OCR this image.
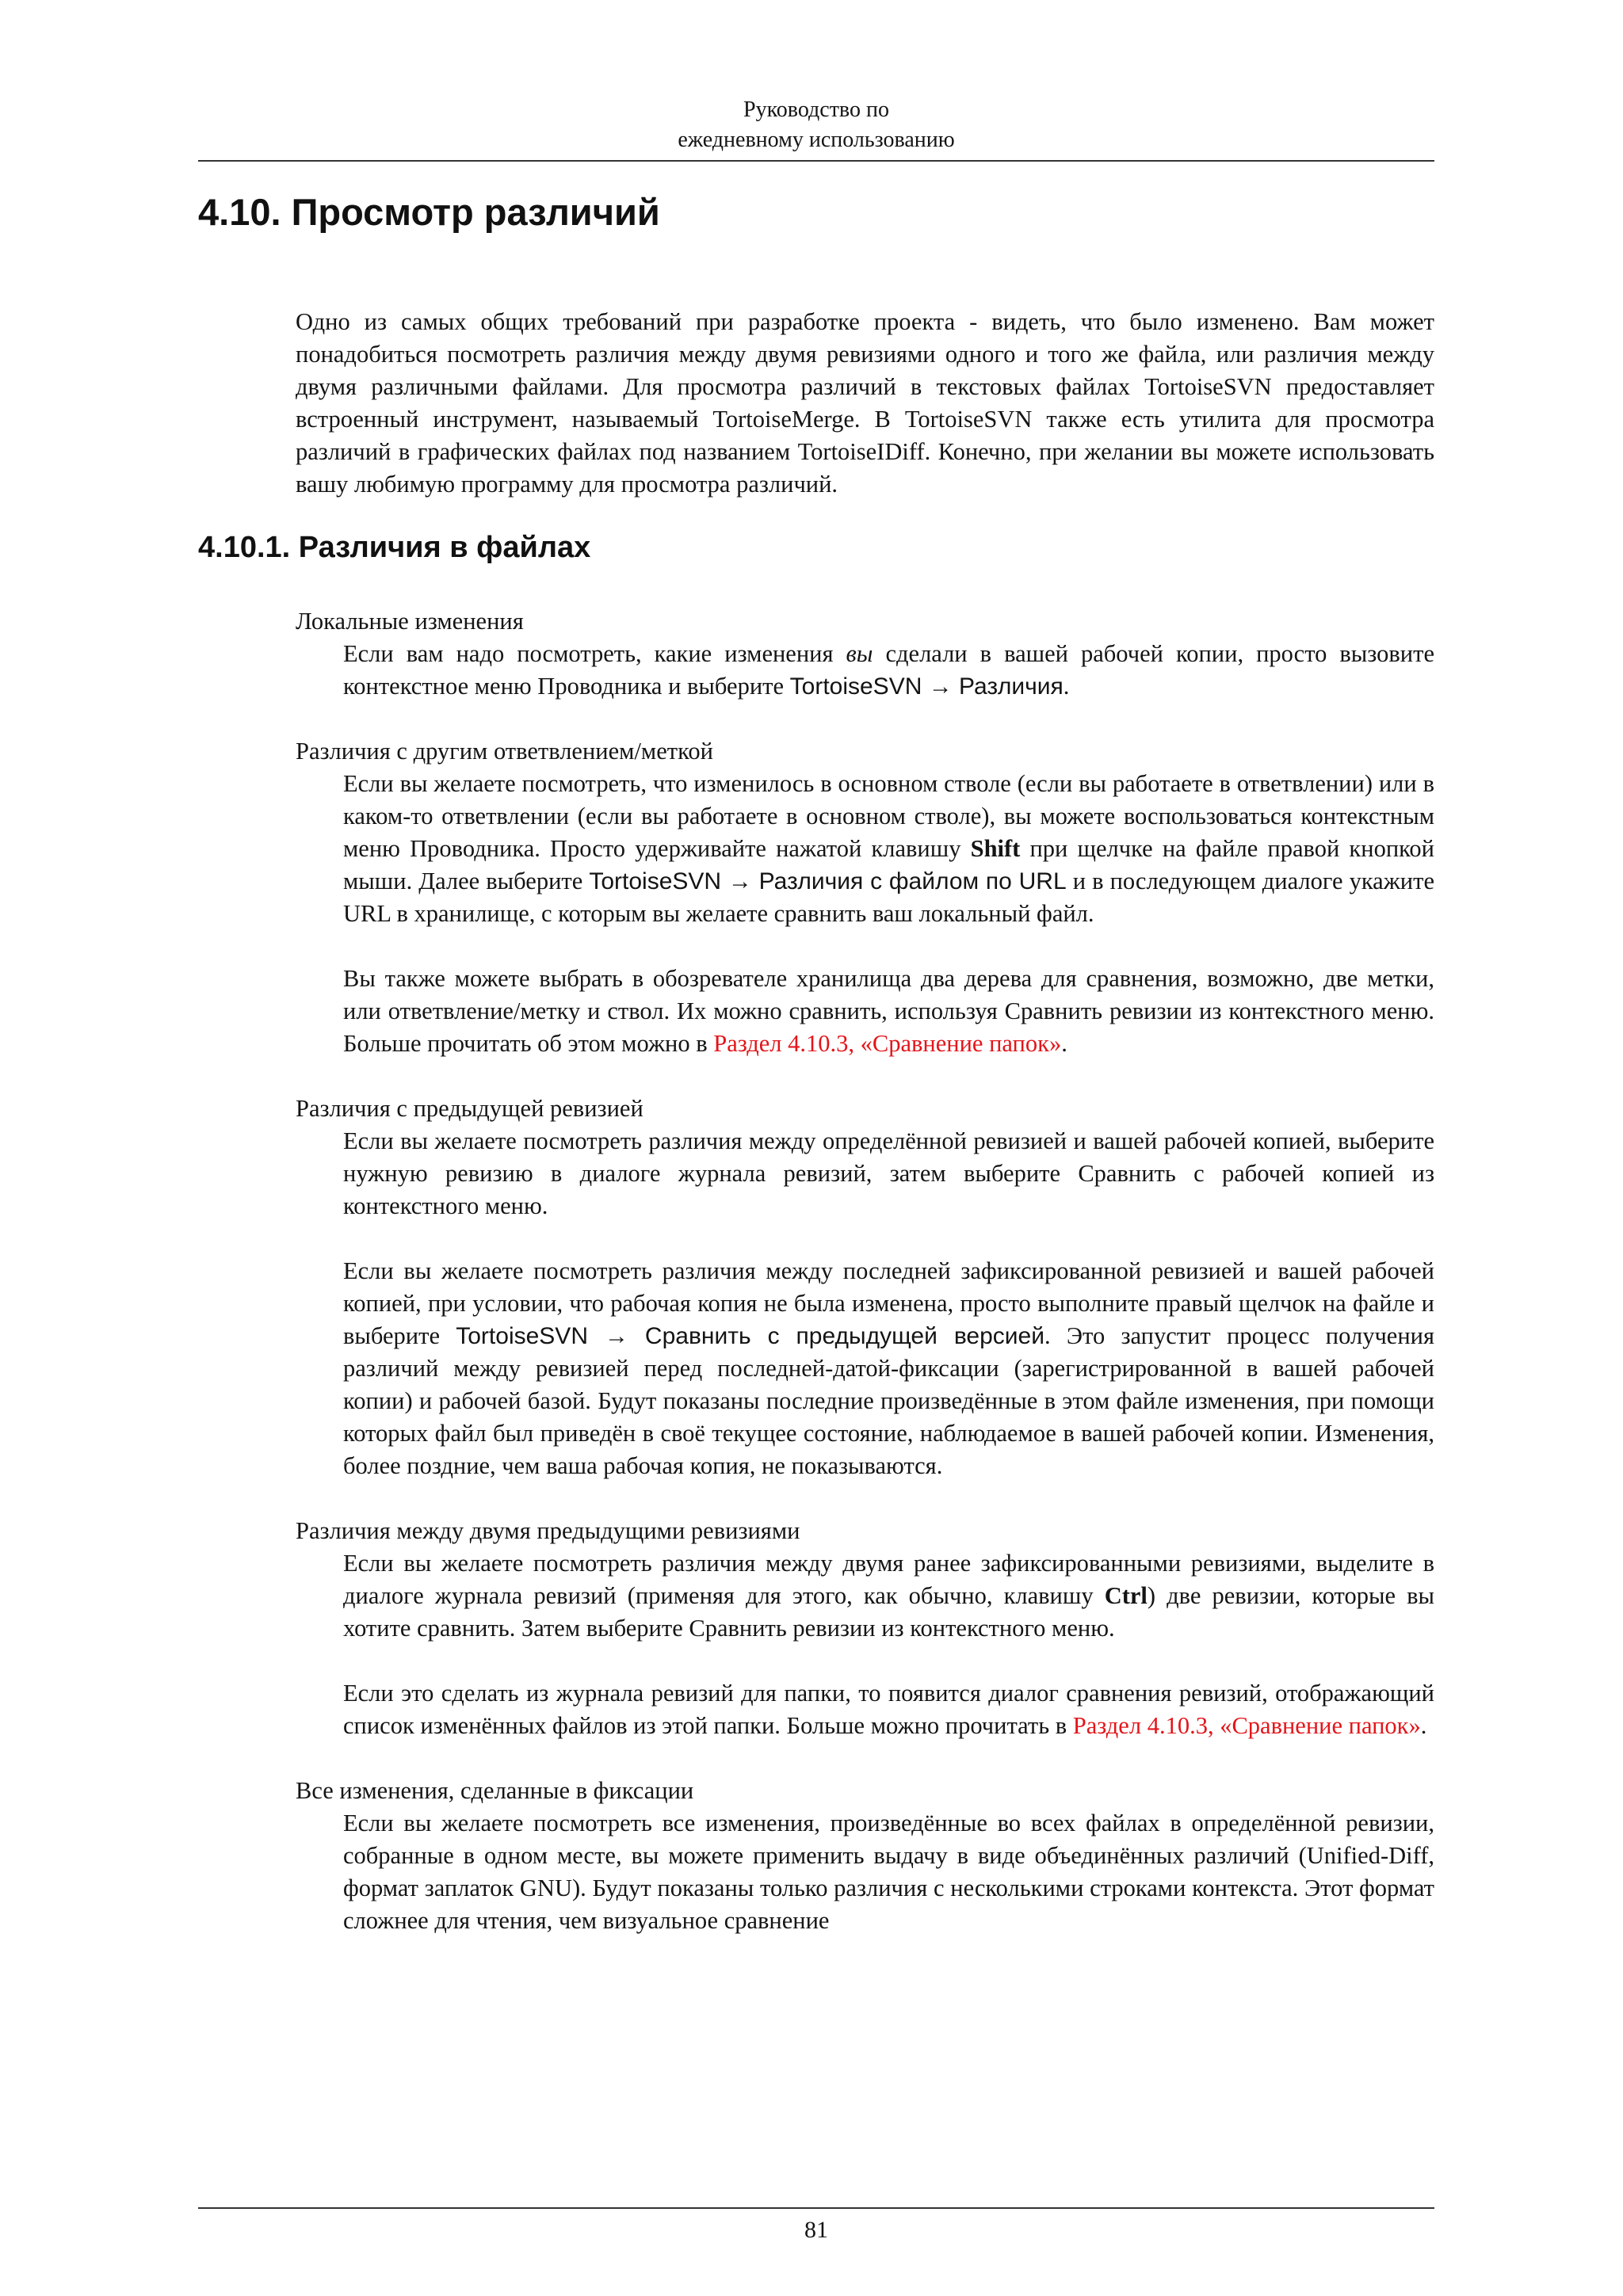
Руководство по
ежедневному использованию
4.10. Просмотр различий

Одно из самых общих требований при разработке проекта - видеть, что было изменено. Вам может понадобиться посмотреть различия между двумя ревизиями одного и того же файла, или различия между двумя различными файлами. Для просмотра различий в текстовых файлах TortoiseSVN предоставляет встроенный инструмент, называемый TortoiseMerge. В TortoiseSVN также есть утилита для просмотра различий в графических файлах под названием TortoiseIDiff. Конечно, при желании вы можете использовать вашу любимую программу для просмотра различий.

4.10.1. Различия в файлах

Локальные изменения

Если вам надо посмотреть, какие изменения вы сделали в вашей рабочей копии, просто вызовите контекстное меню Проводника и выберите TortoiseSVN → Различия.

Различия с другим ответвлением/меткой

Если вы желаете посмотреть, что изменилось в основном стволе (если вы работаете в ответвлении) или в каком-то ответвлении (если вы работаете в основном стволе), вы можете воспользоваться контекстным меню Проводника. Просто удерживайте нажатой клавишу Shift при щелчке на файле правой кнопкой мыши. Далее выберите TortoiseSVN → Различия с файлом по URL и в последующем диалоге укажите URL в хранилище, с которым вы желаете сравнить ваш локальный файл.

Вы также можете выбрать в обозревателе хранилища два дерева для сравнения, возможно, две метки, или ответвление/метку и ствол. Их можно сравнить, используя Сравнить ревизии из контекстного меню. Больше прочитать об этом можно в Раздел 4.10.3, «Сравнение папок».

Различия с предыдущей ревизией

Если вы желаете посмотреть различия между определённой ревизией и вашей рабочей копией, выберите нужную ревизию в диалоге журнала ревизий, затем выберите Сравнить с рабочей копией из контекстного меню.

Если вы желаете посмотреть различия между последней зафиксированной ревизией и вашей рабочей копией, при условии, что рабочая копия не была изменена, просто выполните правый щелчок на файле и выберите TortoiseSVN → Сравнить с предыдущей версией. Это запустит процесс получения различий между ревизией перед последней-датой-фиксации (зарегистрированной в вашей рабочей копии) и рабочей базой. Будут показаны последние произведённые в этом файле изменения, при помощи которых файл был приведён в своё текущее состояние, наблюдаемое в вашей рабочей копии. Изменения, более поздние, чем ваша рабочая копия, не показываются.

Различия между двумя предыдущими ревизиями

Если вы желаете посмотреть различия между двумя ранее зафиксированными ревизиями, выделите в диалоге журнала ревизий (применяя для этого, как обычно, клавишу Ctrl) две ревизии, которые вы хотите сравнить. Затем выберите Сравнить ревизии из контекстного меню.

Если это сделать из журнала ревизий для папки, то появится диалог сравнения ревизий, отображающий список изменённых файлов из этой папки. Больше можно прочитать в Раздел 4.10.3, «Сравнение папок».

Все изменения, сделанные в фиксации

Если вы желаете посмотреть все изменения, произведённые во всех файлах в определённой ревизии, собранные в одном месте, вы можете применить выдачу в виде объединённых различий (Unified-Diff, формат заплаток GNU). Будут показаны только различия с несколькими строками контекста. Этот формат сложнее для чтения, чем визуальное сравнение

81
